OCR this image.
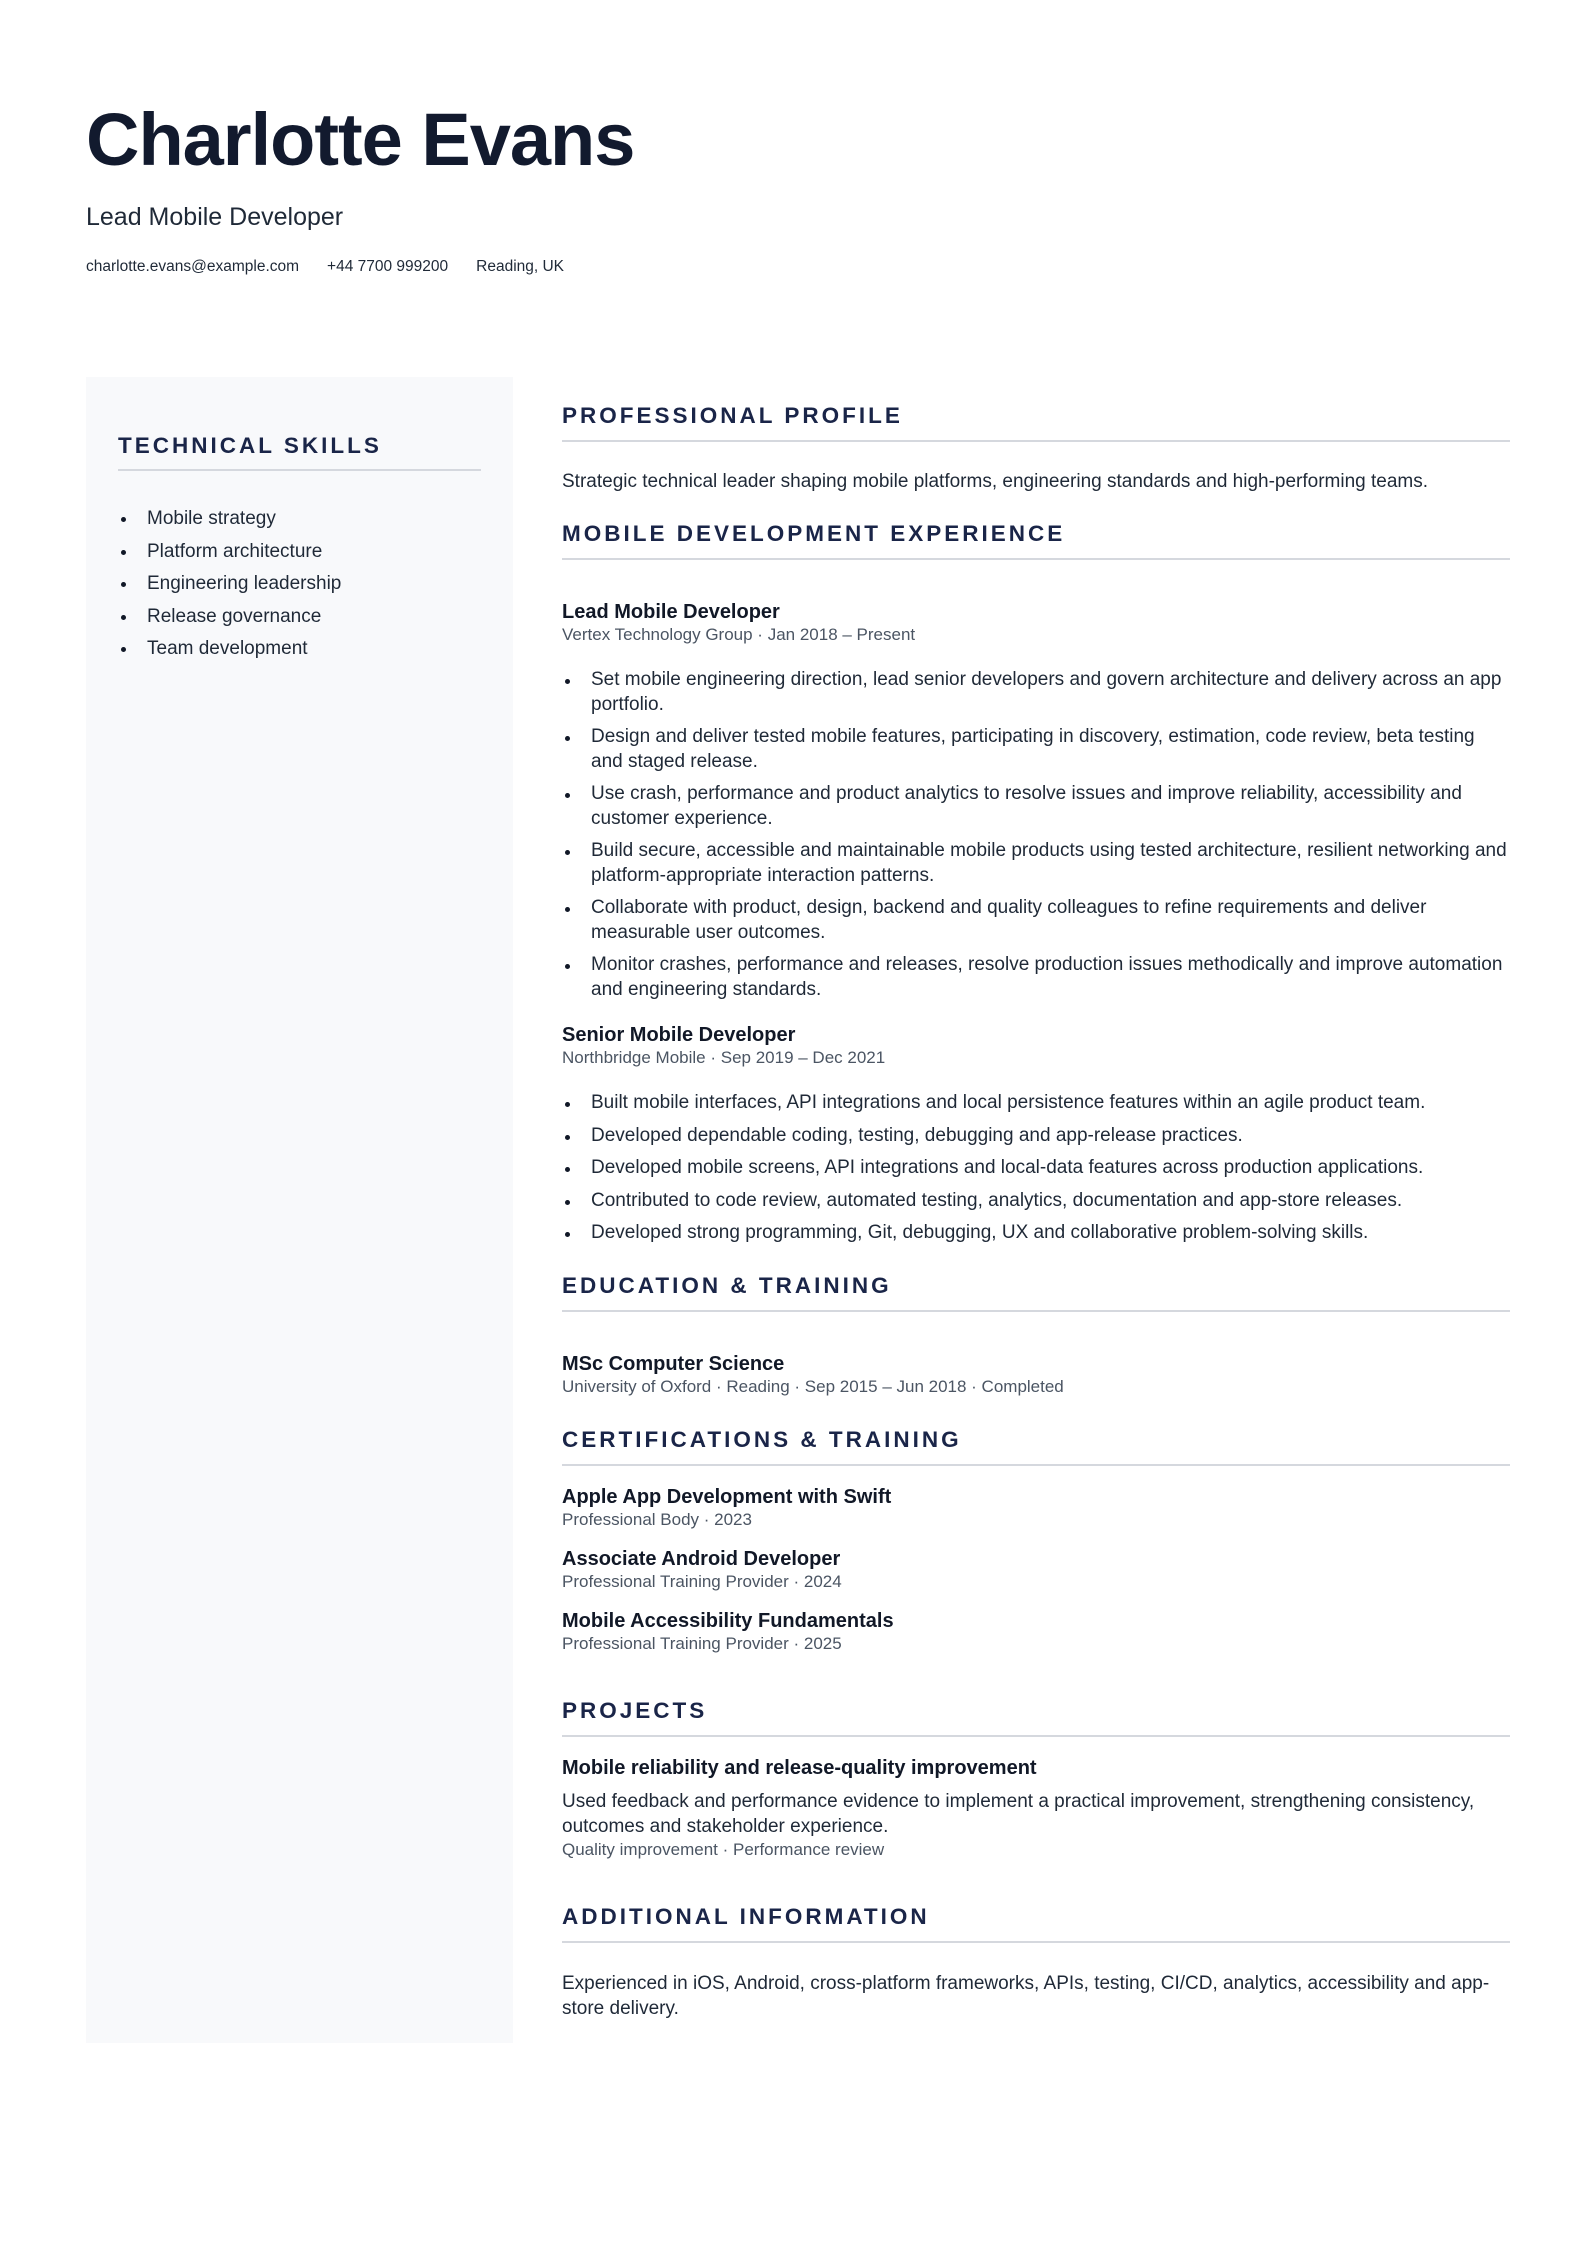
Charlotte Evans
Lead Mobile Developer
charlotte.evans@example.com +44 7700 999200 Reading, UK
TECHNICAL SKILLS
Mobile strategy
Platform architecture
Engineering leadership
Release governance
Team development
PROFESSIONAL PROFILE
Strategic technical leader shaping mobile platforms, engineering standards and high-performing teams.
MOBILE DEVELOPMENT EXPERIENCE
Lead Mobile Developer
Vertex Technology Group · Jan 2018 – Present
Set mobile engineering direction, lead senior developers and govern architecture and delivery across an app portfolio.
Design and deliver tested mobile features, participating in discovery, estimation, code review, beta testing and staged release.
Use crash, performance and product analytics to resolve issues and improve reliability, accessibility and customer experience.
Build secure, accessible and maintainable mobile products using tested architecture, resilient networking and platform-appropriate interaction patterns.
Collaborate with product, design, backend and quality colleagues to refine requirements and deliver measurable user outcomes.
Monitor crashes, performance and releases, resolve production issues methodically and improve automation and engineering standards.
Senior Mobile Developer
Northbridge Mobile · Sep 2019 – Dec 2021
Built mobile interfaces, API integrations and local persistence features within an agile product team.
Developed dependable coding, testing, debugging and app-release practices.
Developed mobile screens, API integrations and local-data features across production applications.
Contributed to code review, automated testing, analytics, documentation and app-store releases.
Developed strong programming, Git, debugging, UX and collaborative problem-solving skills.
EDUCATION & TRAINING
MSc Computer Science
University of Oxford · Reading · Sep 2015 – Jun 2018 · Completed
CERTIFICATIONS & TRAINING
Apple App Development with Swift
Professional Body · 2023
Associate Android Developer
Professional Training Provider · 2024
Mobile Accessibility Fundamentals
Professional Training Provider · 2025
PROJECTS
Mobile reliability and release-quality improvement
Used feedback and performance evidence to implement a practical improvement, strengthening consistency, outcomes and stakeholder experience.
Quality improvement · Performance review
ADDITIONAL INFORMATION
Experienced in iOS, Android, cross-platform frameworks, APIs, testing, CI/CD, analytics, accessibility and app-store delivery.
